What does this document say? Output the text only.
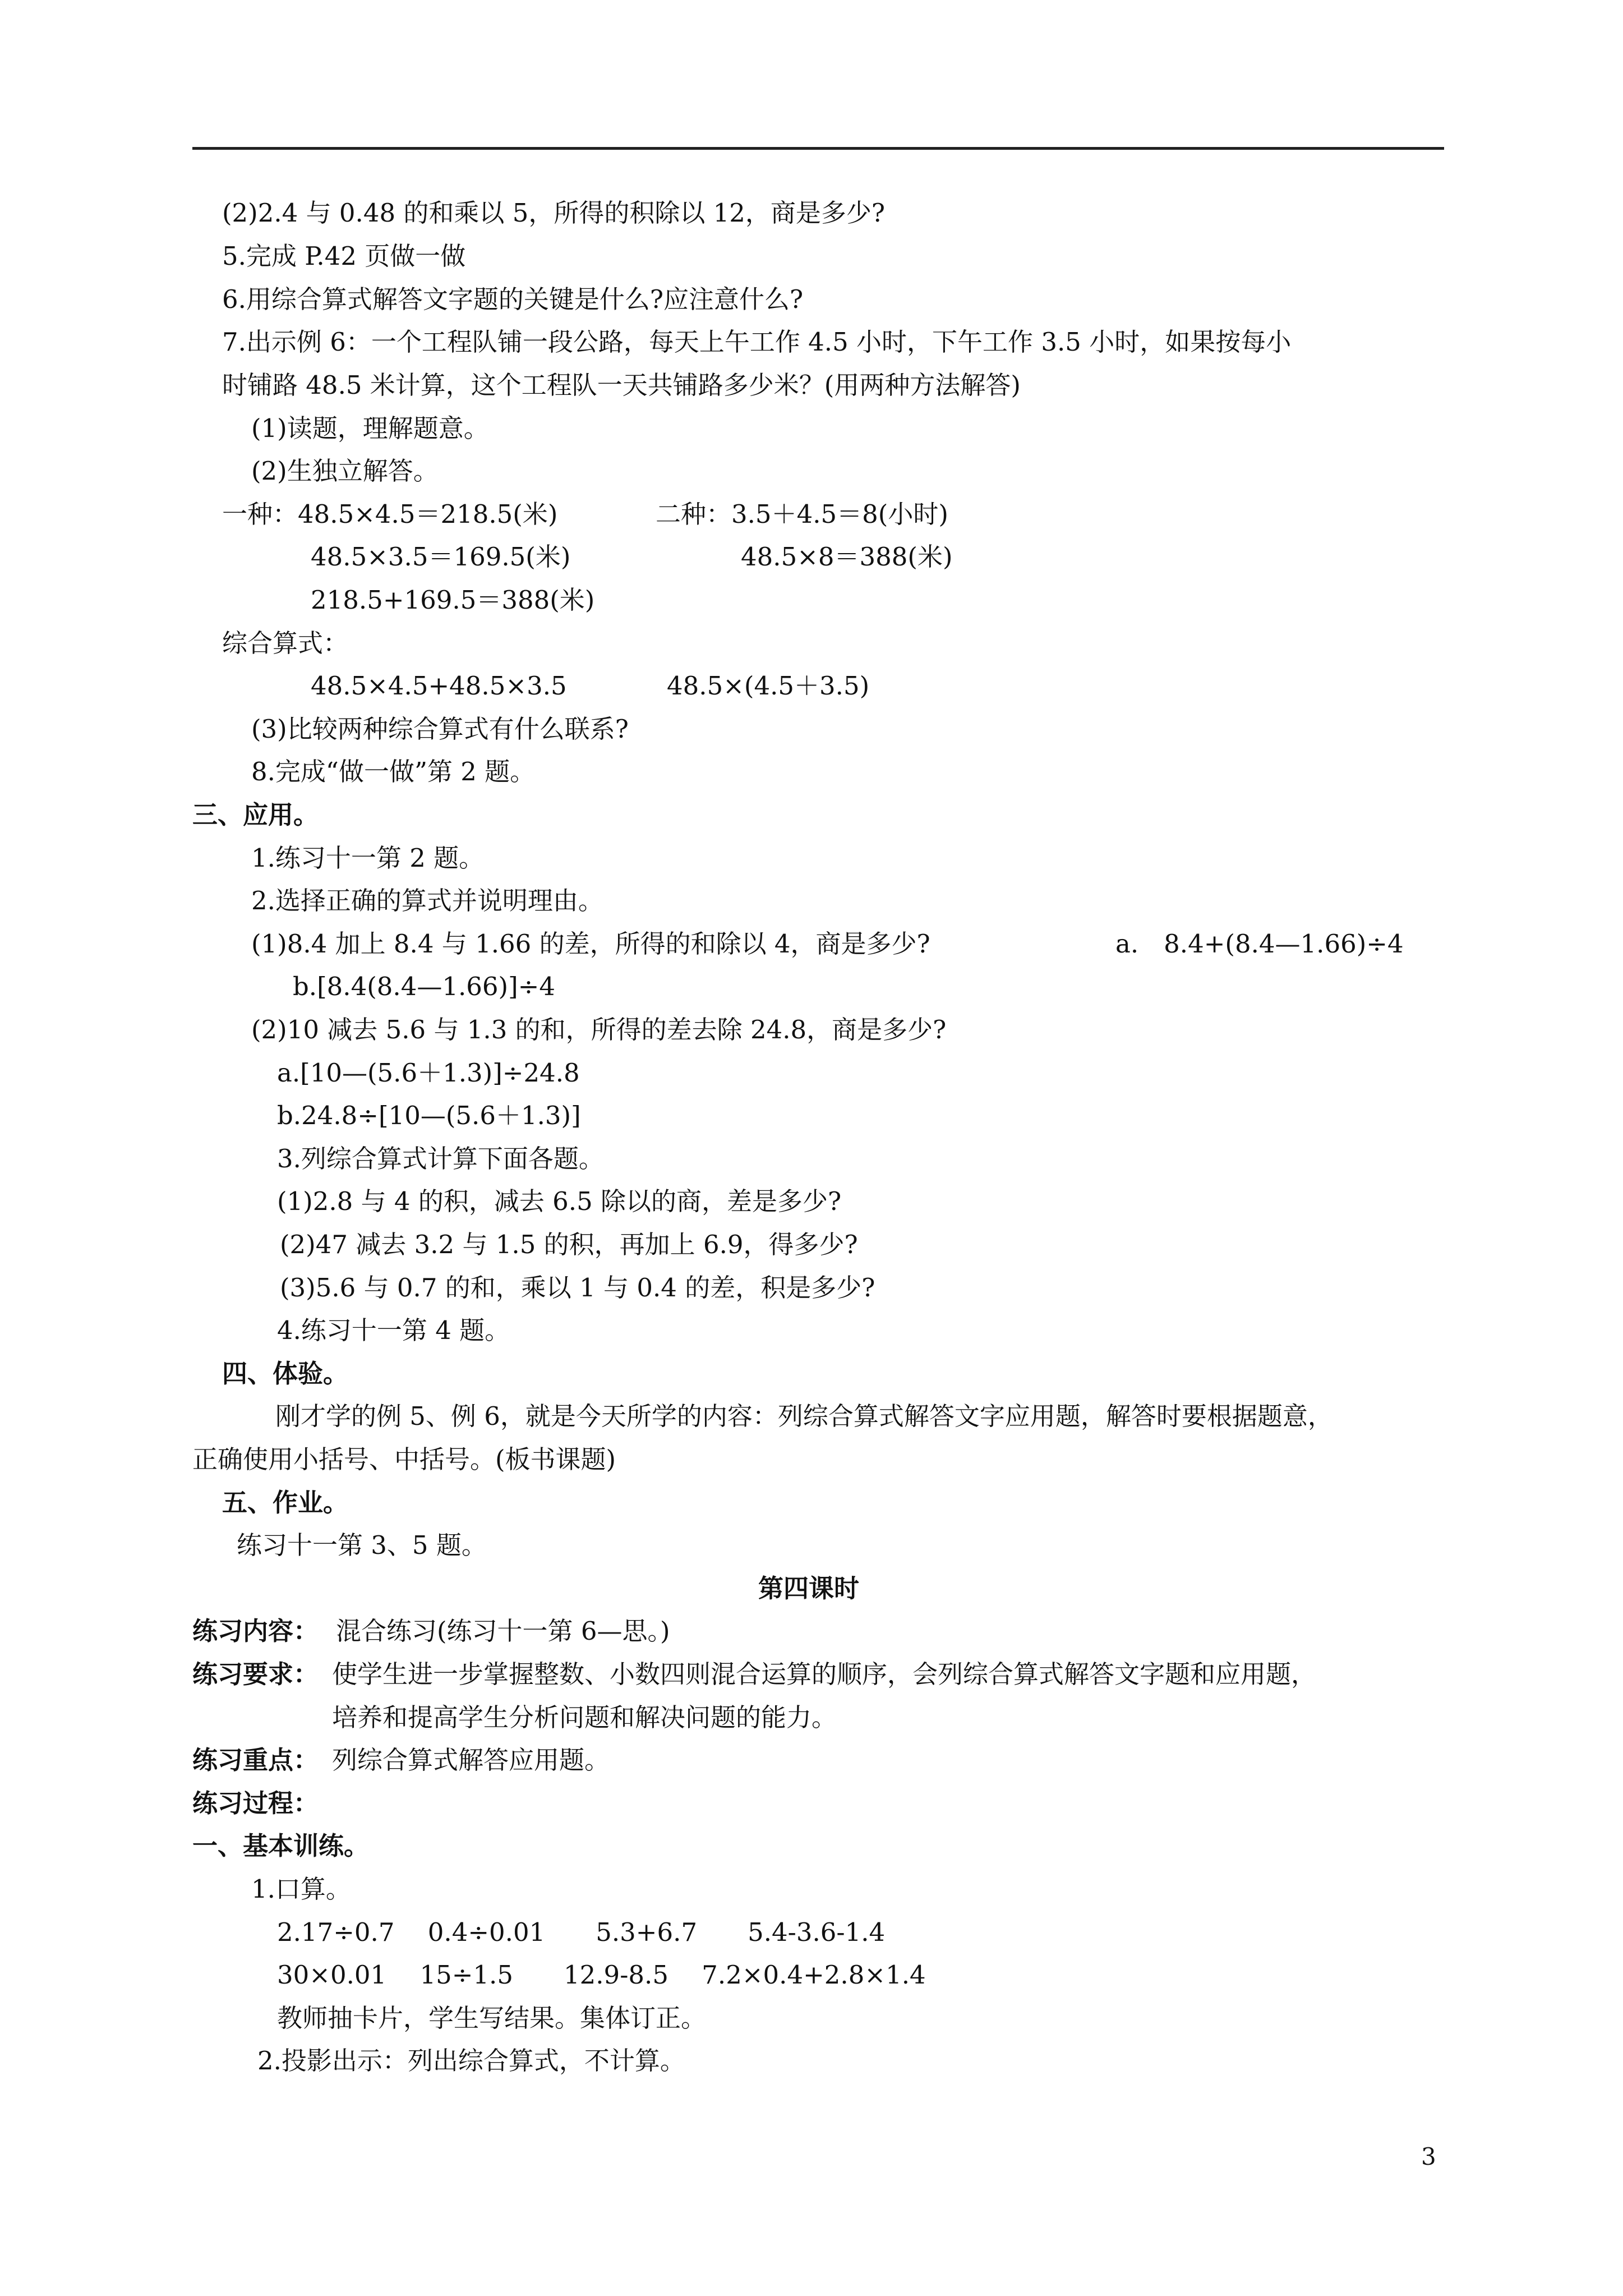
(2)2.4 与 0.48 的和乘以 5，所得的积除以 12，商是多少?
5.完成 P.42 页做一做
6.用综合算式解答文字题的关键是什么?应注意什么?
7.出示例 6：一个工程队铺一段公路，每天上午工作 4.5 小时，下午工作 3.5 小时，如果按每小
时铺路 48.5 米计算，这个工程队一天共铺路多少米？(用两种方法解答)
(1)读题，理解题意。
(2)生独立解答。
一种：48.5×4.5＝218.5(米)	二种：3.5＋4.5＝8(小时)
48.5×3.5＝169.5(米)	48.5×8＝388(米)
218.5+169.5＝388(米)
综合算式：
48.5×4.5+48.5×3.5	48.5×(4.5＋3.5)
(3)比较两种综合算式有什么联系?
8.完成“做一做”第 2 题。
三、应用。
1.练习十一第 2 题。
2.选择正确的算式并说明理由。
(1)8.4 加上 8.4 与 1.66 的差，所得的和除以 4，商是多少?	a.　8.4+(8.4—1.66)÷4
b.[8.4(8.4—1.66)]÷4
(2)10 减去 5.6 与 1.3 的和，所得的差去除 24.8，商是多少?
a.[10—(5.6＋1.3)]÷24.8
b.24.8÷[10—(5.6＋1.3)]
3.列综合算式计算下面各题。
(1)2.8 与 4 的积，减去 6.5 除以的商，差是多少?
(2)47 减去 3.2 与 1.5 的积，再加上 6.9，得多少?
(3)5.6 与 0.7 的和，乘以 1 与 0.4 的差，积是多少?
4.练习十一第 4 题。
四、体验。
刚才学的例 5、例 6，就是今天所学的内容：列综合算式解答文字应用题，解答时要根据题意，
正确使用小括号、中括号。(板书课题)
五、作业。
练习十一第 3、5 题。
第四课时
练习内容： 混合练习(练习十一第 6—思。)
练习要求： 使学生进一步掌握整数、小数四则混合运算的顺序，会列综合算式解答文字题和应用题，
培养和提高学生分析问题和解决问题的能力。
练习重点： 列综合算式解答应用题。
练习过程：
一、基本训练。
1.口算。
2.17÷0.7　 0.4÷0.01　　5.3+6.7　　5.4-3.6-1.4
30×0.01　 15÷1.5　　12.9-8.5　 7.2×0.4+2.8×1.4
教师抽卡片，学生写结果。集体订正。
2.投影出示：列出综合算式，不计算。
3
